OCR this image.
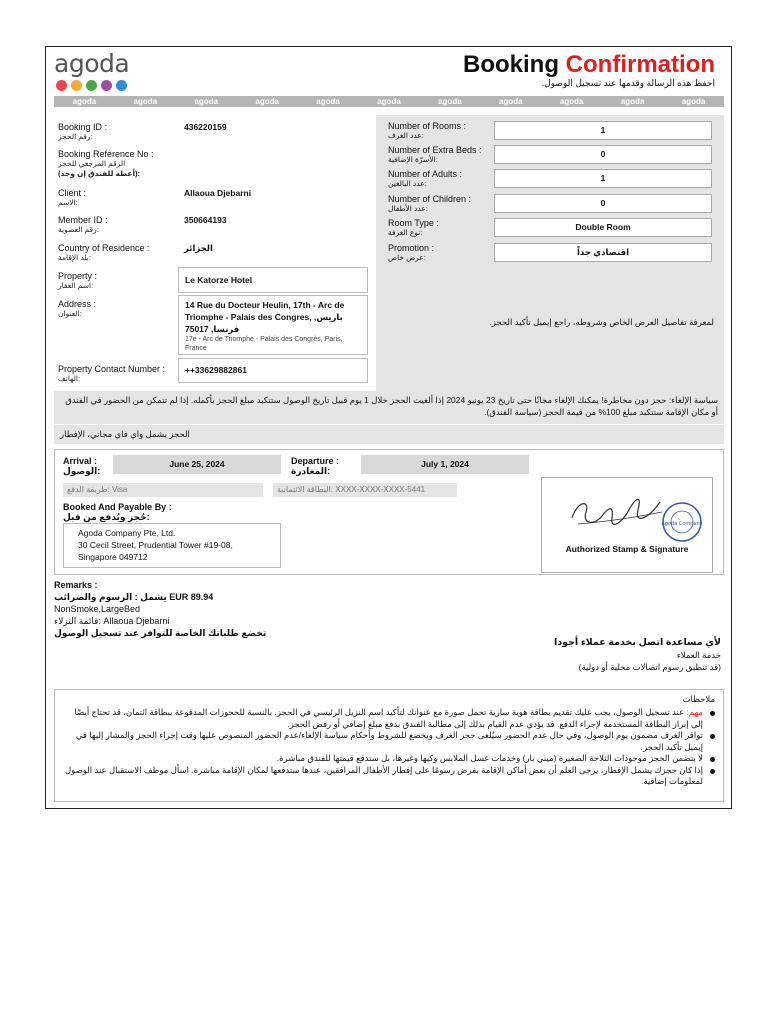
agoda	Booking Confirmation
احفظ هذه الرسالة وقدمها عند تسجيل الوصول.
agoda	agoda	agoda	agoda	agoda	agoda	agoda	agoda	agoda	agoda	agoda
Booking ID :
رقم الحجز:
436220159
Booking Reference No :
الرقم المرجعي للحجز
(أعطه للفندق إن وجد):
Client :
الاسم:
Allaoua Djebarni
Member ID :
رقم العضوية:
350664193
Country of Residence :
بلد الإقامة:
الجزائر
Property :
اسم العقار:
Le Katorze Hotel
Address :
العنوان:
14 Rue du Docteur Heulin, 17th - Arc de Triomphe - Palais des Congres, باريس, فرنسا, 75017
17e - Arc de Triomphe - Palais des Congrès, Paris, France
Property Contact Number :
الهاتف:
++33629882861
Number of Rooms :
عدد الغرف:
1
Number of Extra Beds :
الأسرّة الإضافية:
0
Number of Adults :
عدد البالغين:
1
Number of Children :
عدد الأطفال:
0
Room Type :
نوع الغرفة:
Double Room
Promotion :
عرض خاص:
اقتصادي جداً
لمعرفة تفاصيل العرض الخاص وشروطه، راجع إيميل تأكيد الحجز.
سياسة الإلغاء: حجز دون مخاطرة! يمكنك الإلغاء مجانًا حتى تاريخ 23 يونيو 2024 إذا ألغيت الحجز خلال 1 يوم قبيل تاريخ الوصول ستتكبد مبلغ الحجز بأكمله. إذا لم تتمكن من الحضور في الفندق أو مكان الإقامة ستتكبد مبلغ 100% من قيمة الحجز (سياسة الفندق).
الحجز يشمل واي فاي مجاني، الإفطار
Arrival :
الوصول:
June 25, 2024	Departure :
المغادرة:
July 1, 2024
طريقة الدفع: Visa	البطاقة الائتمانية: XXXX-XXXX-XXXX-5441
Booked And Payable By :
حُجز ويُدفع من قبل:
Agoda Company Pte, Ltd.
30 Cecil Street, Prudential Tower #19-08,
Singapore 049712
Agoda Company
Authorized Stamp & Signature
Remarks :
يشمل : الرسوم والضرائب EUR 89.94
NonSmoke,LargeBed
قائمة النزلاء: Allaoua Djebarni
تخضع طلباتك الخاصة للتوافر عند تسجيل الوصول
لأي مساعدة اتصل بخدمة عملاء أجودا
خدمة العملاء
(قد تنطبق رسوم اتصالات محلية أو دولية)
ملاحظات
مهم: عند تسجيل الوصول، يجب عليك تقديم بطاقة هوية سارية تحمل صورة مع عنوانك لتأكيد اسم النزيل الرئيسي في الحجز. بالنسبة للحجوزات المدفوعة ببطاقة ائتمان، قد تحتاج أيضًا إلى إبراز البطاقة المستخدمة لإجراء الدفع. قد يؤدي عدم القيام بذلك إلى مطالبة الفندق بدفع مبلغ إضافي أو رفض الحجز.
توافر الغرف مضمون يوم الوصول، وفي حال عدم الحضور سيُلغى حجز الغرف ويخضع للشروط وأحكام سياسة الإلغاء/عدم الحضور المنصوص عليها وقت إجراء الحجز والمشار إليها في إيميل تأكيد الحجز.
لا يتضمن الحجز موجودات الثلاجة الصغيرة (ميني بار) وخدمات غسل الملابس وكيها وغيرها، بل ستدفع قيمتها للفندق مباشرة.
إذا كان حجزك يشمل الإفطار، يرجى العلم أن بعض أماكن الإقامة بفرض رسومًا على إفطار الأطفال المرافقين، عندها ستدفعها لمكان الإقامة مباشرة. اسأل موظف الاستقبال عند الوصول لمعلومات إضافية.
